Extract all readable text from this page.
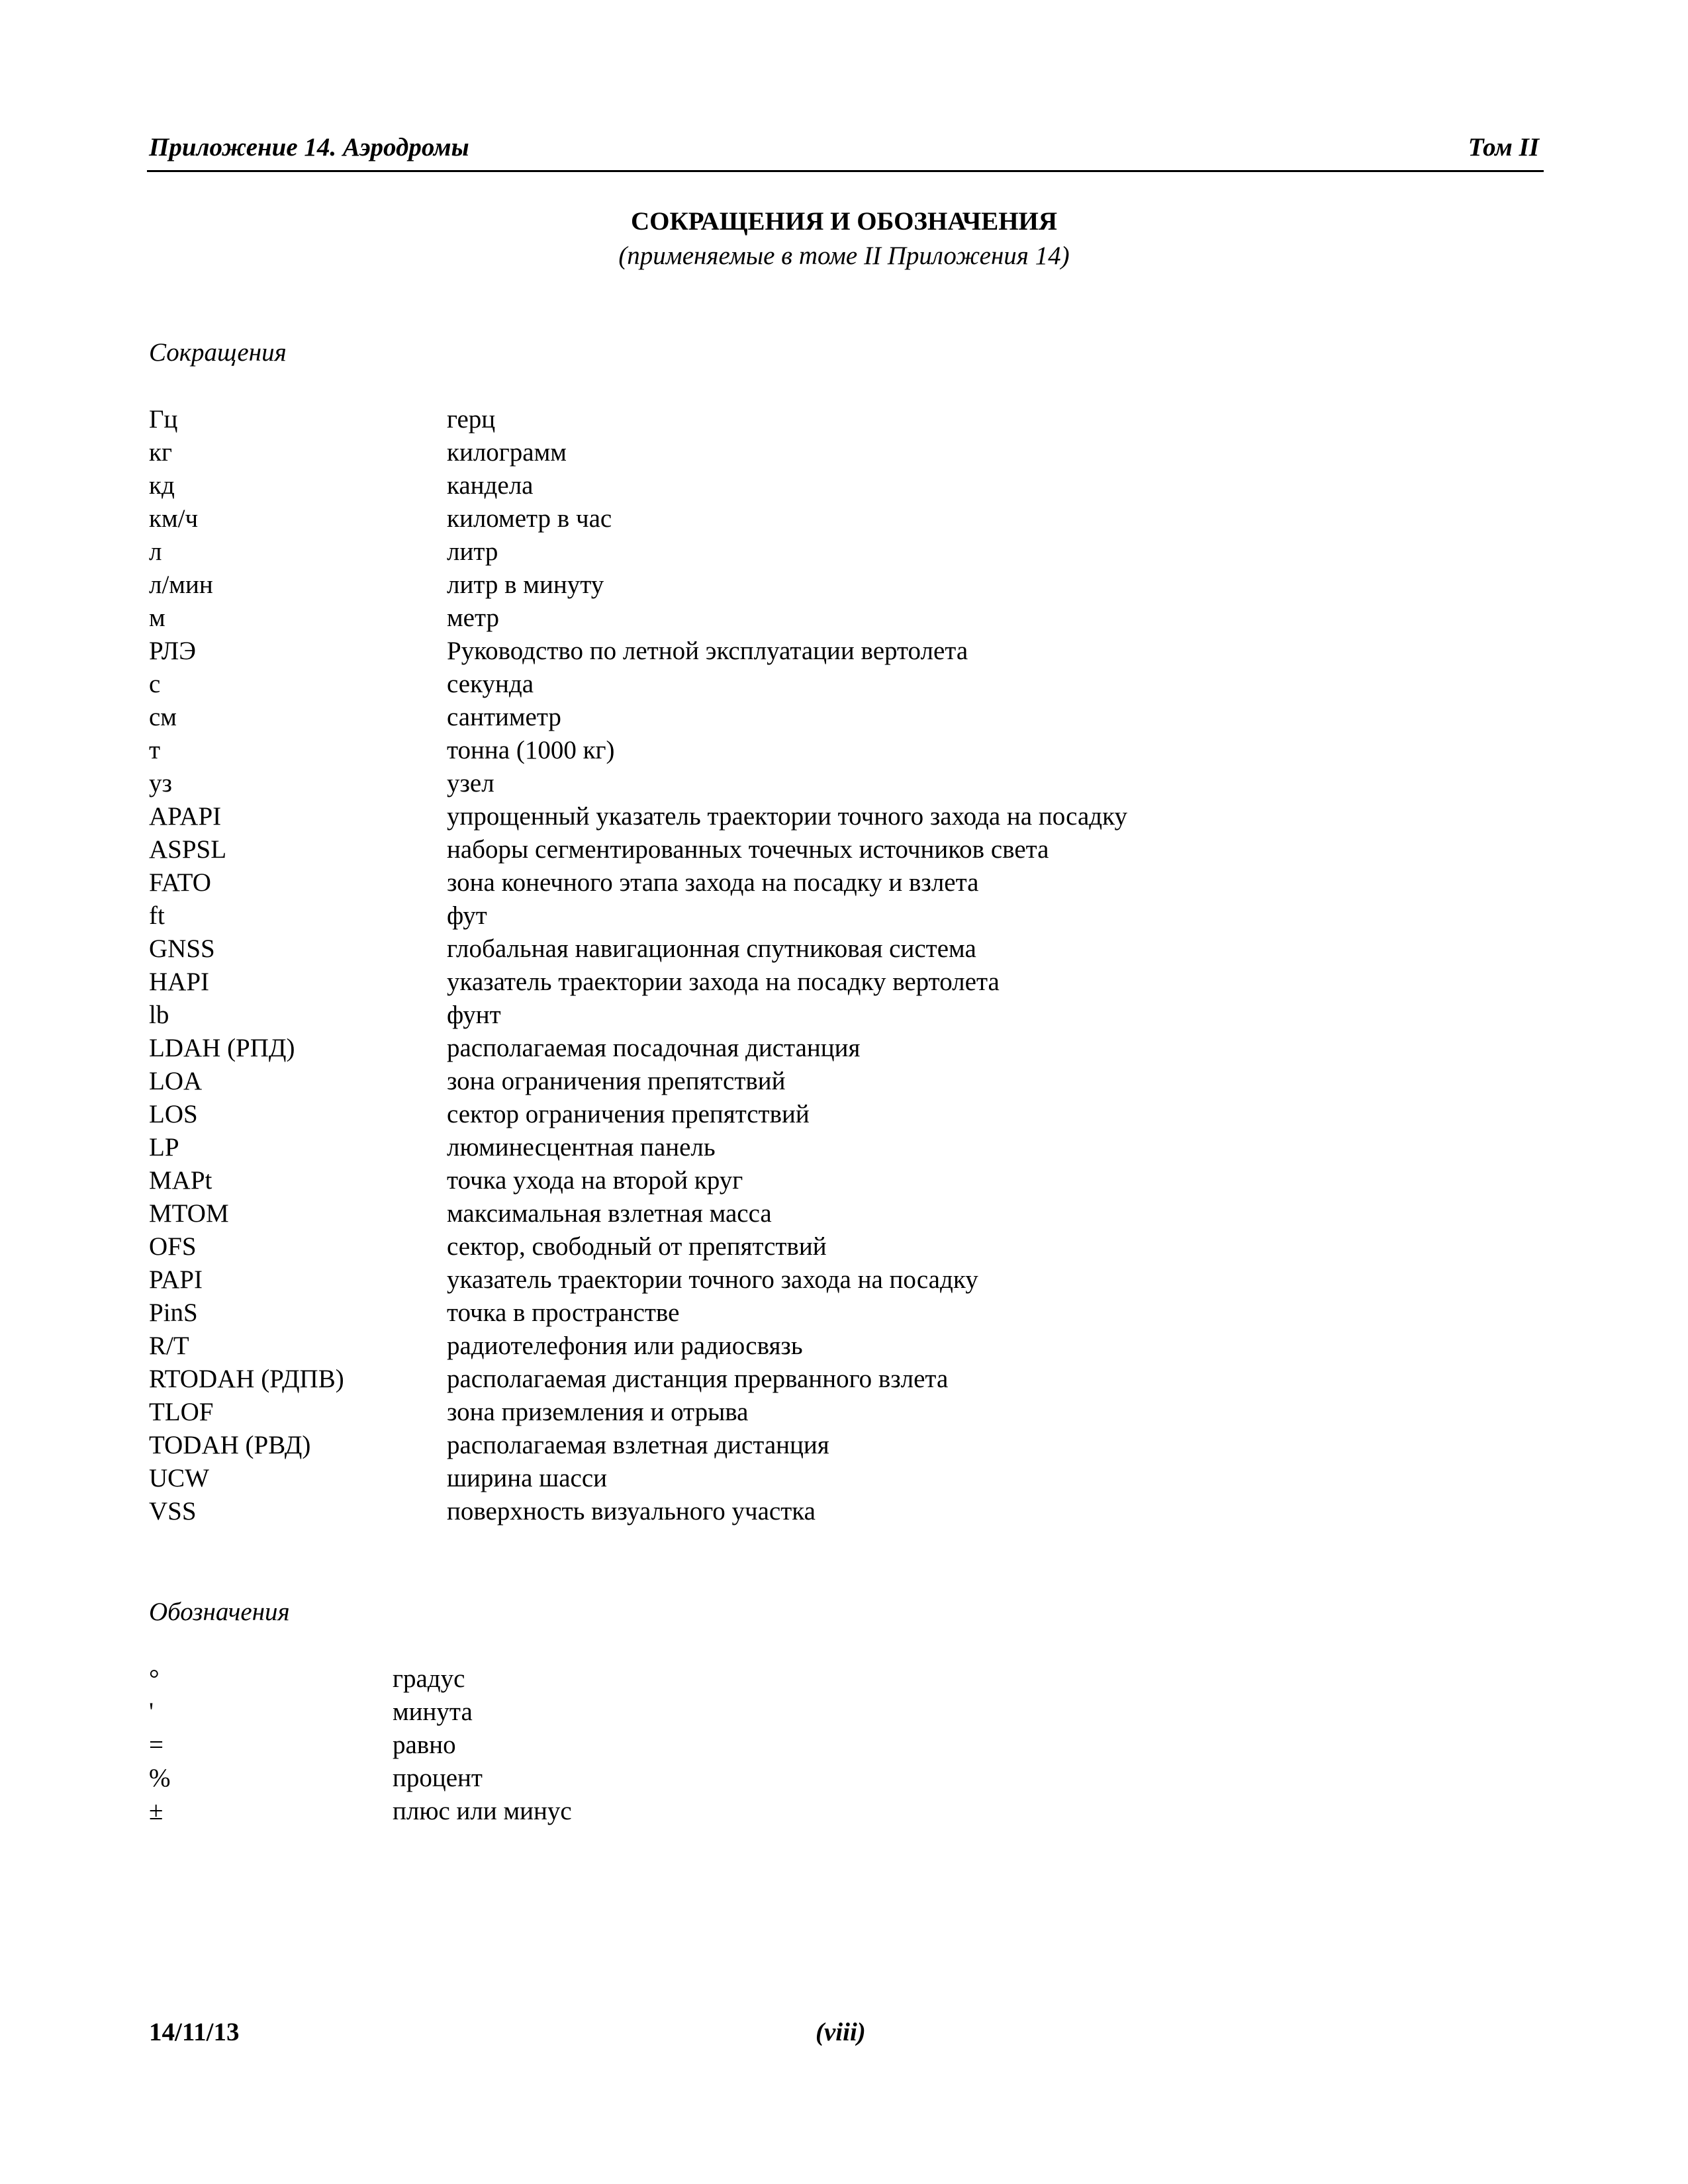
Приложение 14. Аэродромы	Том II
СОКРАЩЕНИЯ И ОБОЗНАЧЕНИЯ
(применяемые в томе II Приложения 14)
Сокращения
Гц	герц
кг	килограмм
кд	кандела
км/ч	километр в час
л	литр
л/мин	литр в минуту
м	метр
РЛЭ	Руководство по летной эксплуатации вертолета
с	секунда
см	сантиметр
т	тонна (1000 кг)
уз	узел
APAPI	упрощенный указатель траектории точного захода на посадку
ASPSL	наборы сегментированных точечных источников света
FATO	зона конечного этапа захода на посадку и взлета
ft	фут
GNSS	глобальная навигационная спутниковая система
HAPI	указатель траектории захода на посадку вертолета
lb	фунт
LDAH (РПД)	располагаемая посадочная дистанция
LOA	зона ограничения препятствий
LOS	сектор ограничения препятствий
LP	люминесцентная панель
MAPt	точка ухода на второй круг
MTOM	максимальная взлетная масса
OFS	сектор, свободный от препятствий
PAPI	указатель траектории точного захода на посадку
PinS	точка в пространстве
R/T	радиотелефония или радиосвязь
RTODAH (РДПВ)	располагаемая дистанция прерванного взлета
TLOF	зона приземления и отрыва
TODAH (РВД)	располагаемая взлетная дистанция
UCW	ширина шасси
VSS	поверхность визуального участка
Обозначения
°	градус
'	минута
=	равно
%	процент
±	плюс или минус
14/11/13	(viii)
